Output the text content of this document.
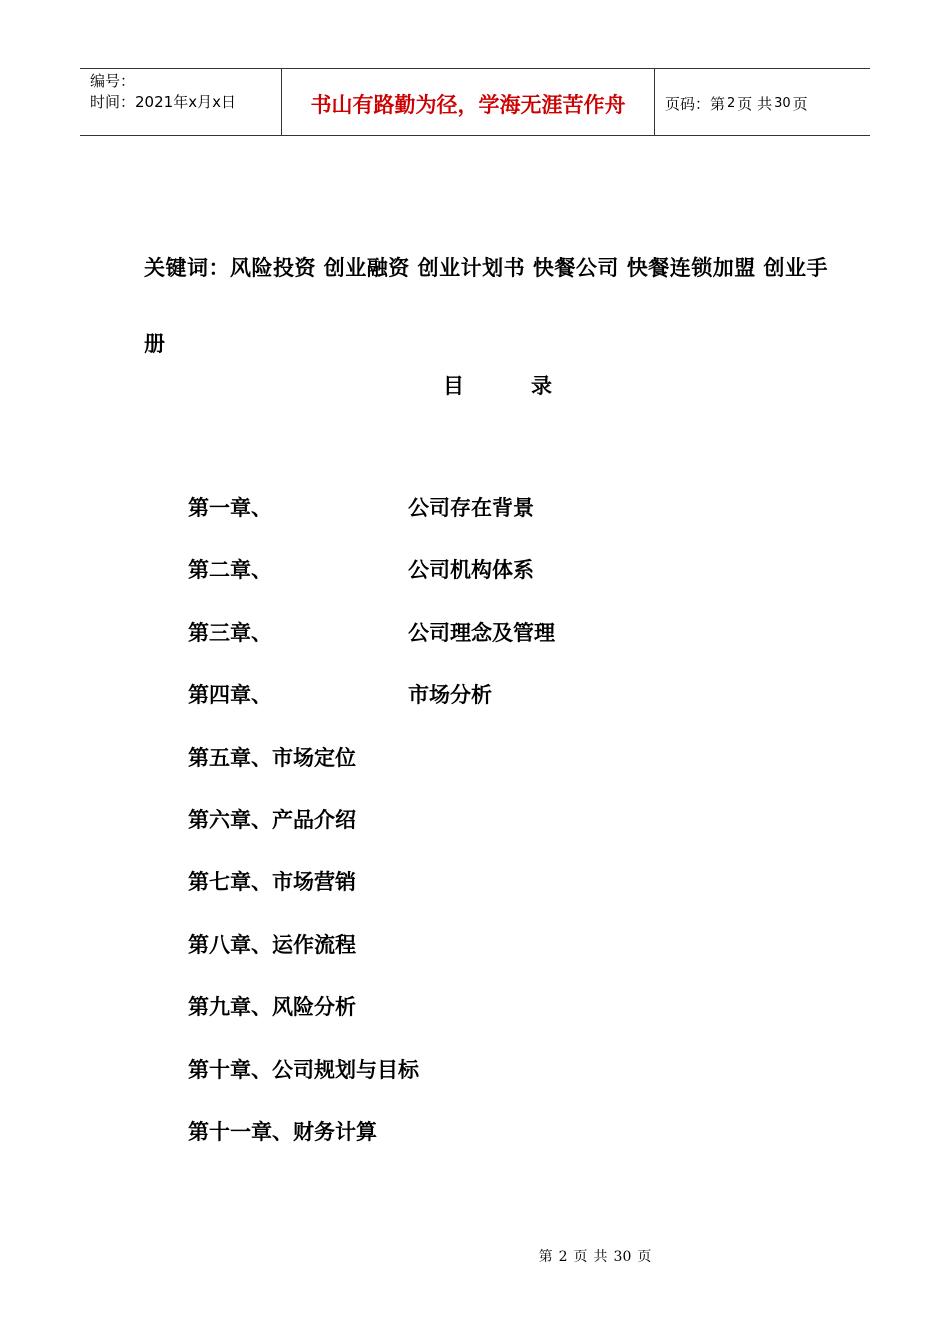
编号：
时间：2021年x月x日	书山有路勤为径，学海无涯苦作舟	页码：第 2 页 共 30 页
关键词：风险投资 创业融资 创业计划书 快餐公司 快餐连锁加盟 创业手册
目	录
第一章、	公司存在背景
第二章、	公司机构体系
第三章、	公司理念及管理
第四章、	市场分析
第五章、市场定位
第六章、产品介绍
第七章、市场营销
第八章、运作流程
第九章、风险分析
第十章、公司规划与目标
第十一章、财务计算
第 2 页 共 30 页
